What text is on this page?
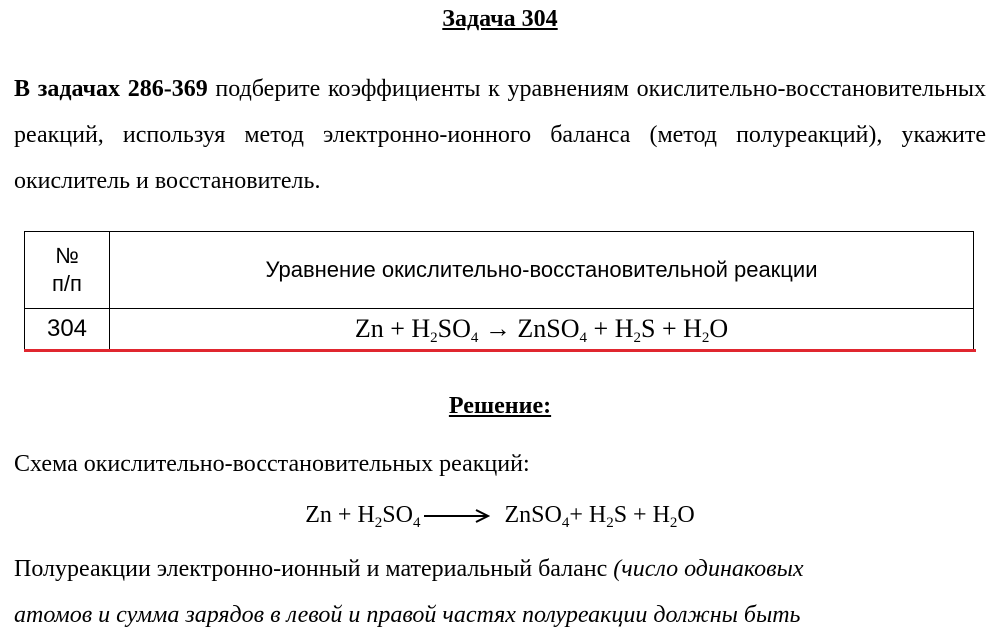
Задача 304

В задачах 286-369 подберите коэффициенты к уравнениям окислительно-восстановительных реакций, используя метод электронно-ионного баланса (метод полуреакций), укажите окислитель и восстановитель.

№
п/п	Уравнение окислительно-восстановительной реакции
304	$Zn + H_2SO_4$ → ZnSO$_4$ + $H_2S + H_2O$
Решение:
Схема окислительно-восстановительных реакций:
$Zn + H_2SO_4$ → ZnSO$_4$+ $H_2S + H_2O$
Полуреакции электронно-ионный и материальный баланс (число одинаковых
атомов и сумма зарядов в левой и правой частях полуреакции должны быть
